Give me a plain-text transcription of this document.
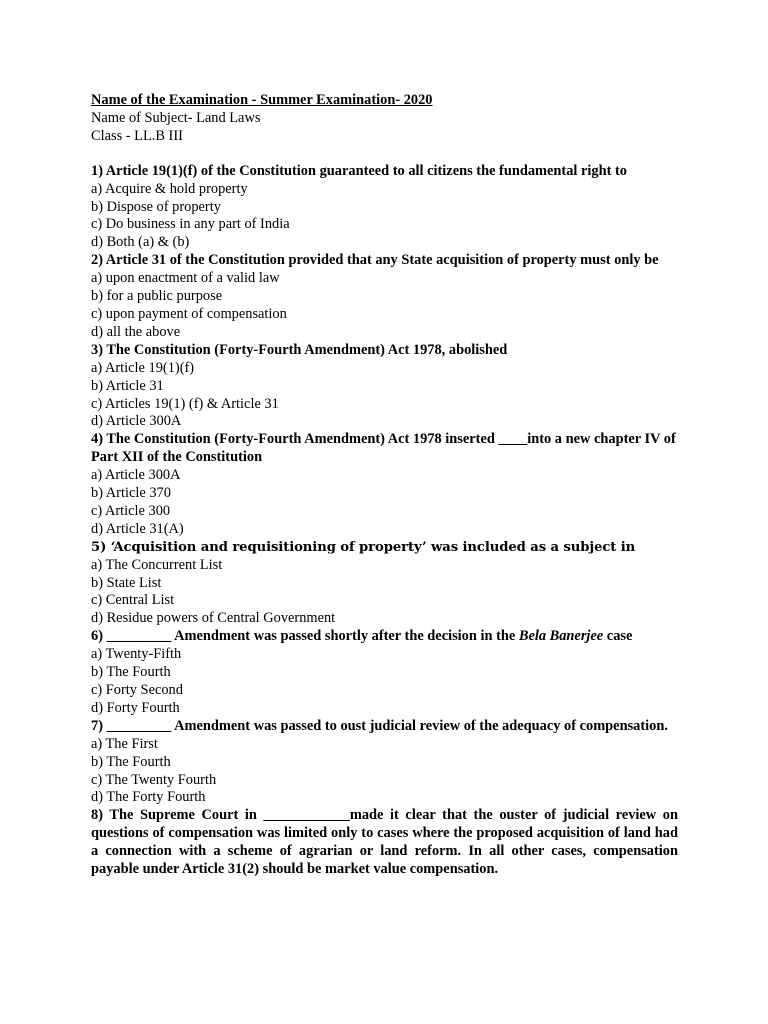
Name of the Examination - Summer Examination- 2020
Name of Subject- Land Laws
Class - LL.B III
1) Article 19(1)(f) of the Constitution guaranteed to all citizens the fundamental right to
a) Acquire & hold property
b) Dispose of property
c) Do business in any part of India
d) Both (a) & (b)
2) Article 31 of the Constitution provided that any State acquisition of property must only be
a) upon enactment of a valid law
b) for a public purpose
c) upon payment of compensation
d) all the above
3) The Constitution (Forty-Fourth Amendment) Act 1978, abolished
a) Article 19(1)(f)
b) Article 31
c) Articles 19(1) (f) & Article 31
d) Article 300A
4) The Constitution (Forty-Fourth Amendment) Act 1978 inserted ____into a new chapter IV of Part XII of the Constitution
a) Article 300A
b) Article 370
c) Article 300
d) Article 31(A)
5) ‘Acquisition and requisitioning of property’ was included as a subject in
a) The Concurrent List
b) State List
c) Central List
d) Residue powers of Central Government
6) _________ Amendment was passed shortly after the decision in the Bela Banerjee case
a) Twenty-Fifth
b) The Fourth
c) Forty Second
d) Forty Fourth
7) _________ Amendment was passed to oust judicial review of the adequacy of compensation.
a) The First
b) The Fourth
c) The Twenty Fourth
d) The Forty Fourth
8) The Supreme Court in ____________made it clear that the ouster of judicial review on questions of compensation was limited only to cases where the proposed acquisition of land had a connection with a scheme of agrarian or land reform. In all other cases, compensation payable under Article 31(2) should be market value compensation.
